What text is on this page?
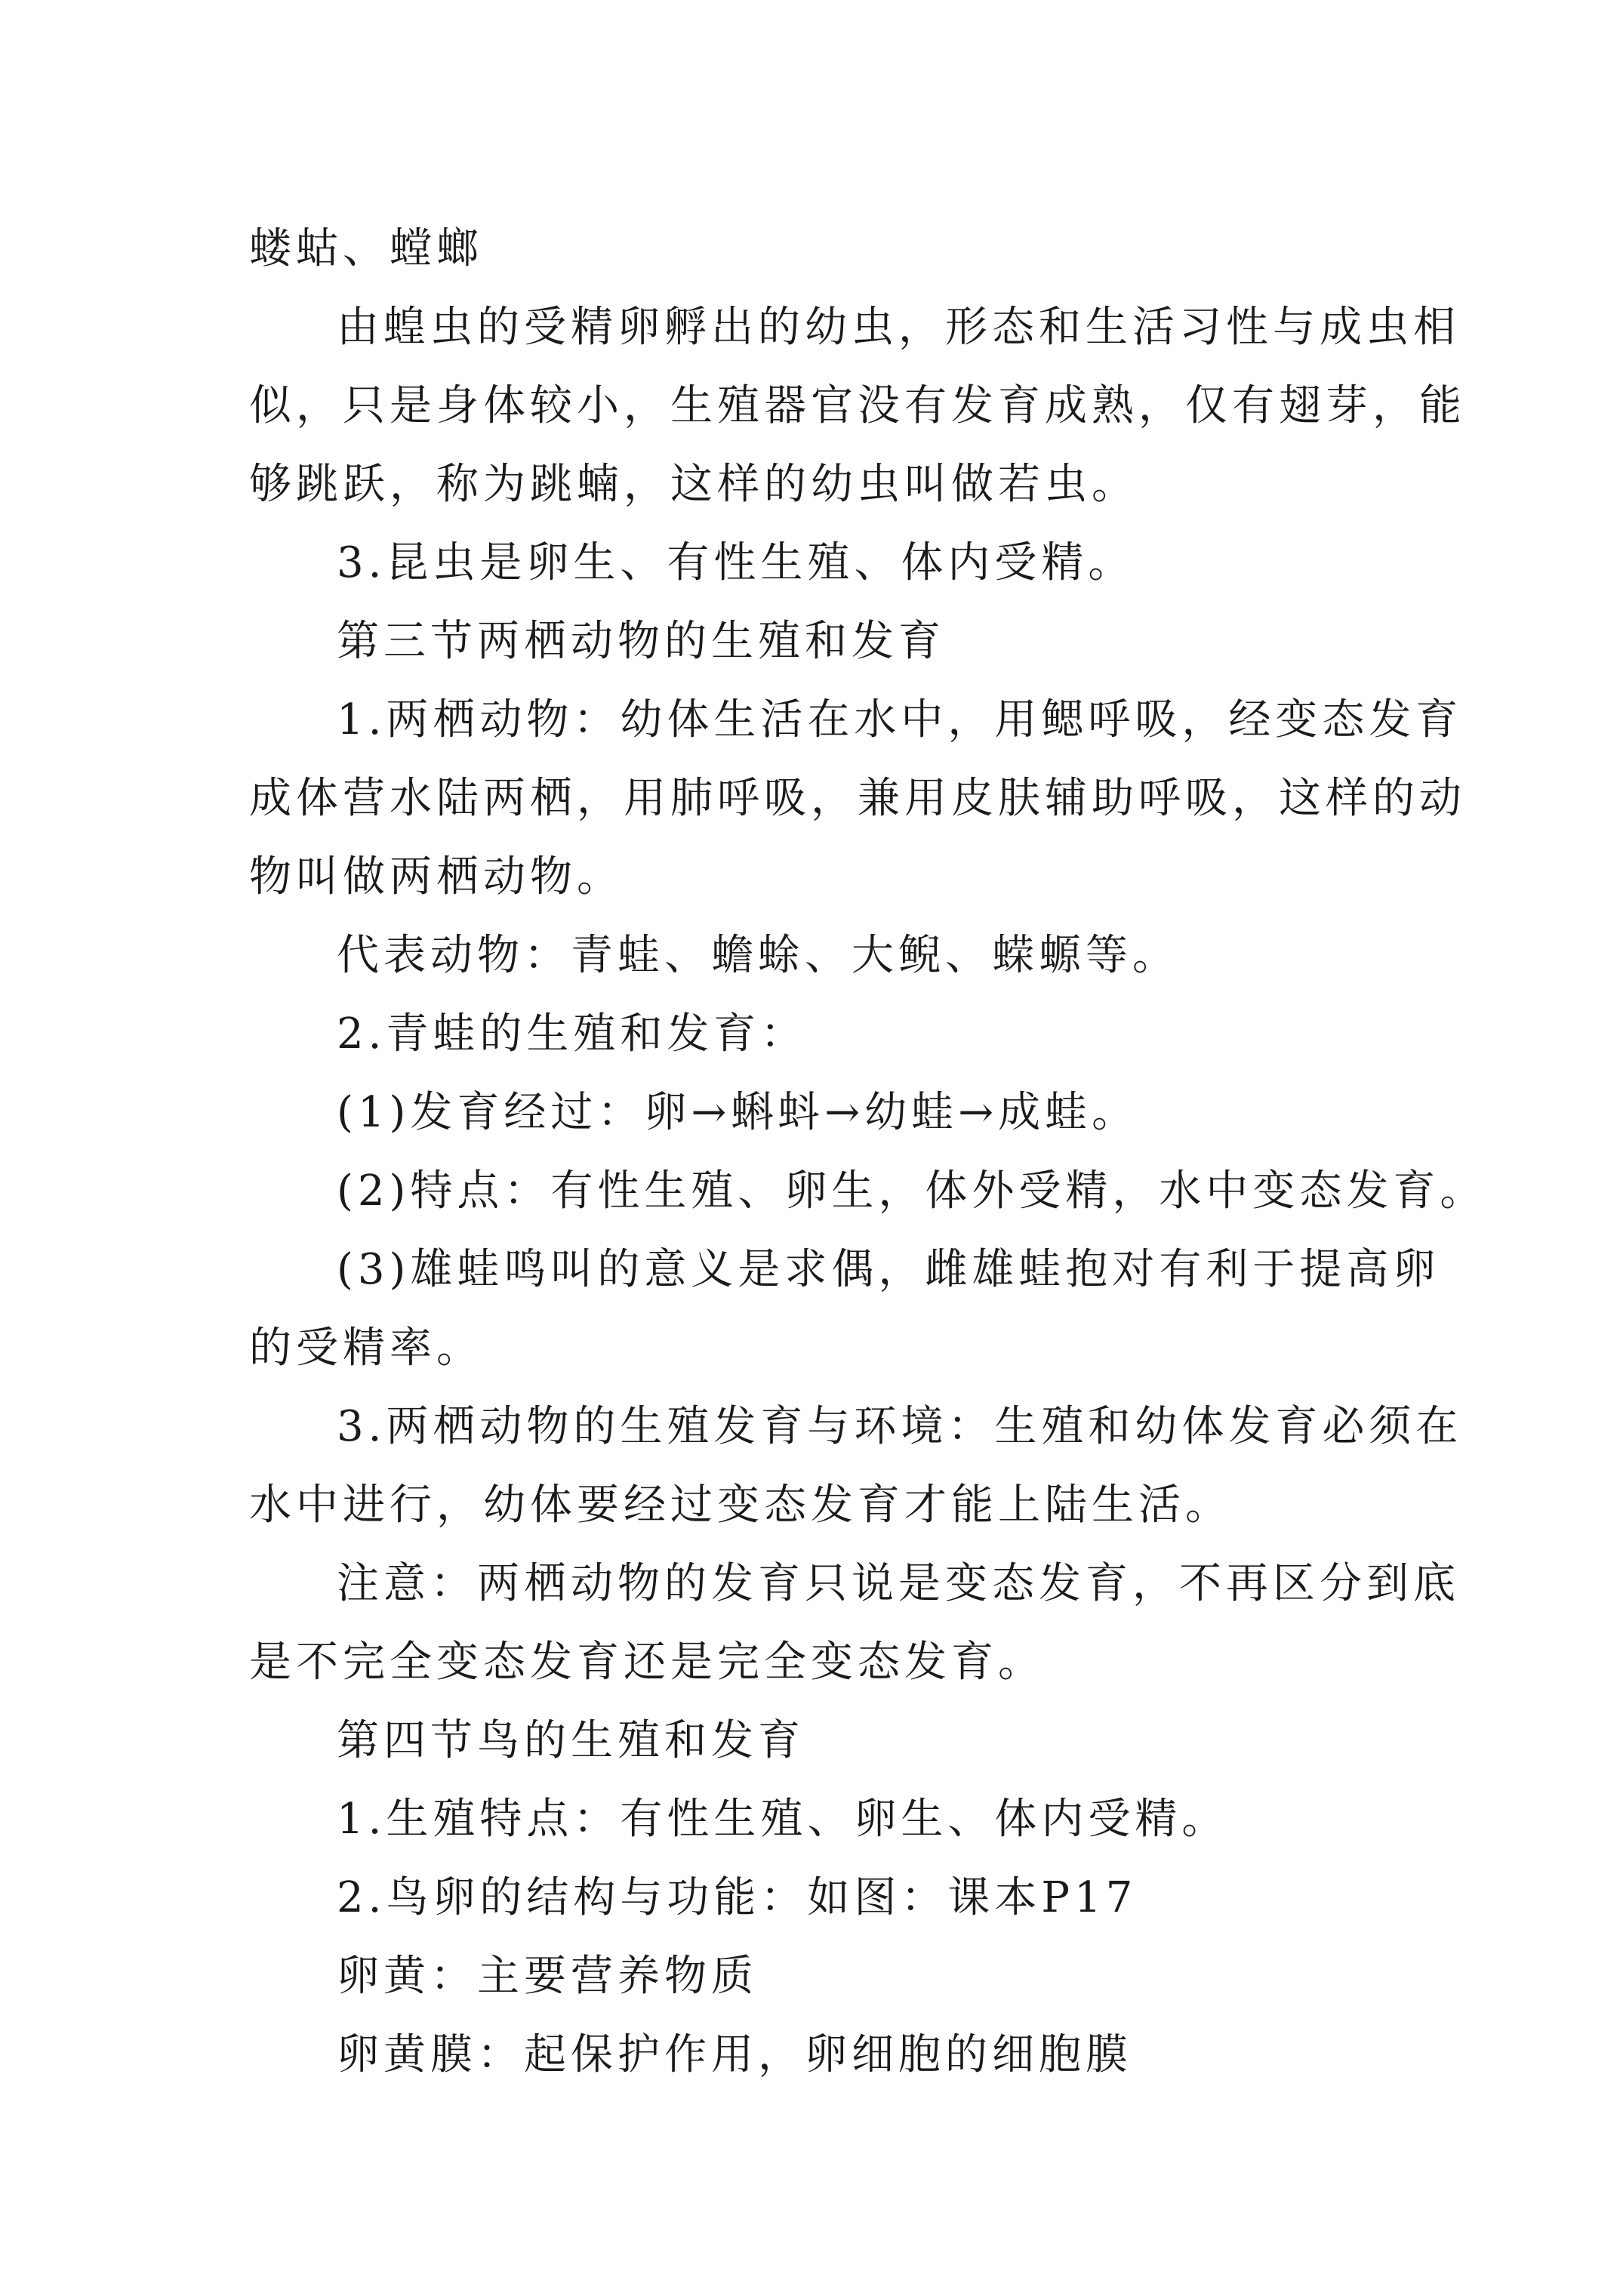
蝼蛄、螳螂
由蝗虫的受精卵孵出的幼虫，形态和生活习性与成虫相
似，只是身体较小，生殖器官没有发育成熟，仅有翅芽，能
够跳跃，称为跳蝻，这样的幼虫叫做若虫。
3.昆虫是卵生、有性生殖、体内受精。
第三节两栖动物的生殖和发育
1.两栖动物：幼体生活在水中，用鳃呼吸，经变态发育
成体营水陆两栖，用肺呼吸，兼用皮肤辅助呼吸，这样的动
物叫做两栖动物。
代表动物：青蛙、蟾蜍、大鲵、蝾螈等。
2.青蛙的生殖和发育：
(1)发育经过：卵→蝌蚪→幼蛙→成蛙。
(2)特点：有性生殖、卵生，体外受精，水中变态发育。
(3)雄蛙鸣叫的意义是求偶，雌雄蛙抱对有利于提高卵
的受精率。
3.两栖动物的生殖发育与环境：生殖和幼体发育必须在
水中进行，幼体要经过变态发育才能上陆生活。
注意：两栖动物的发育只说是变态发育，不再区分到底
是不完全变态发育还是完全变态发育。
第四节鸟的生殖和发育
1.生殖特点：有性生殖、卵生、体内受精。
2.鸟卵的结构与功能：如图：课本P17
卵黄：主要营养物质
卵黄膜：起保护作用，卵细胞的细胞膜
